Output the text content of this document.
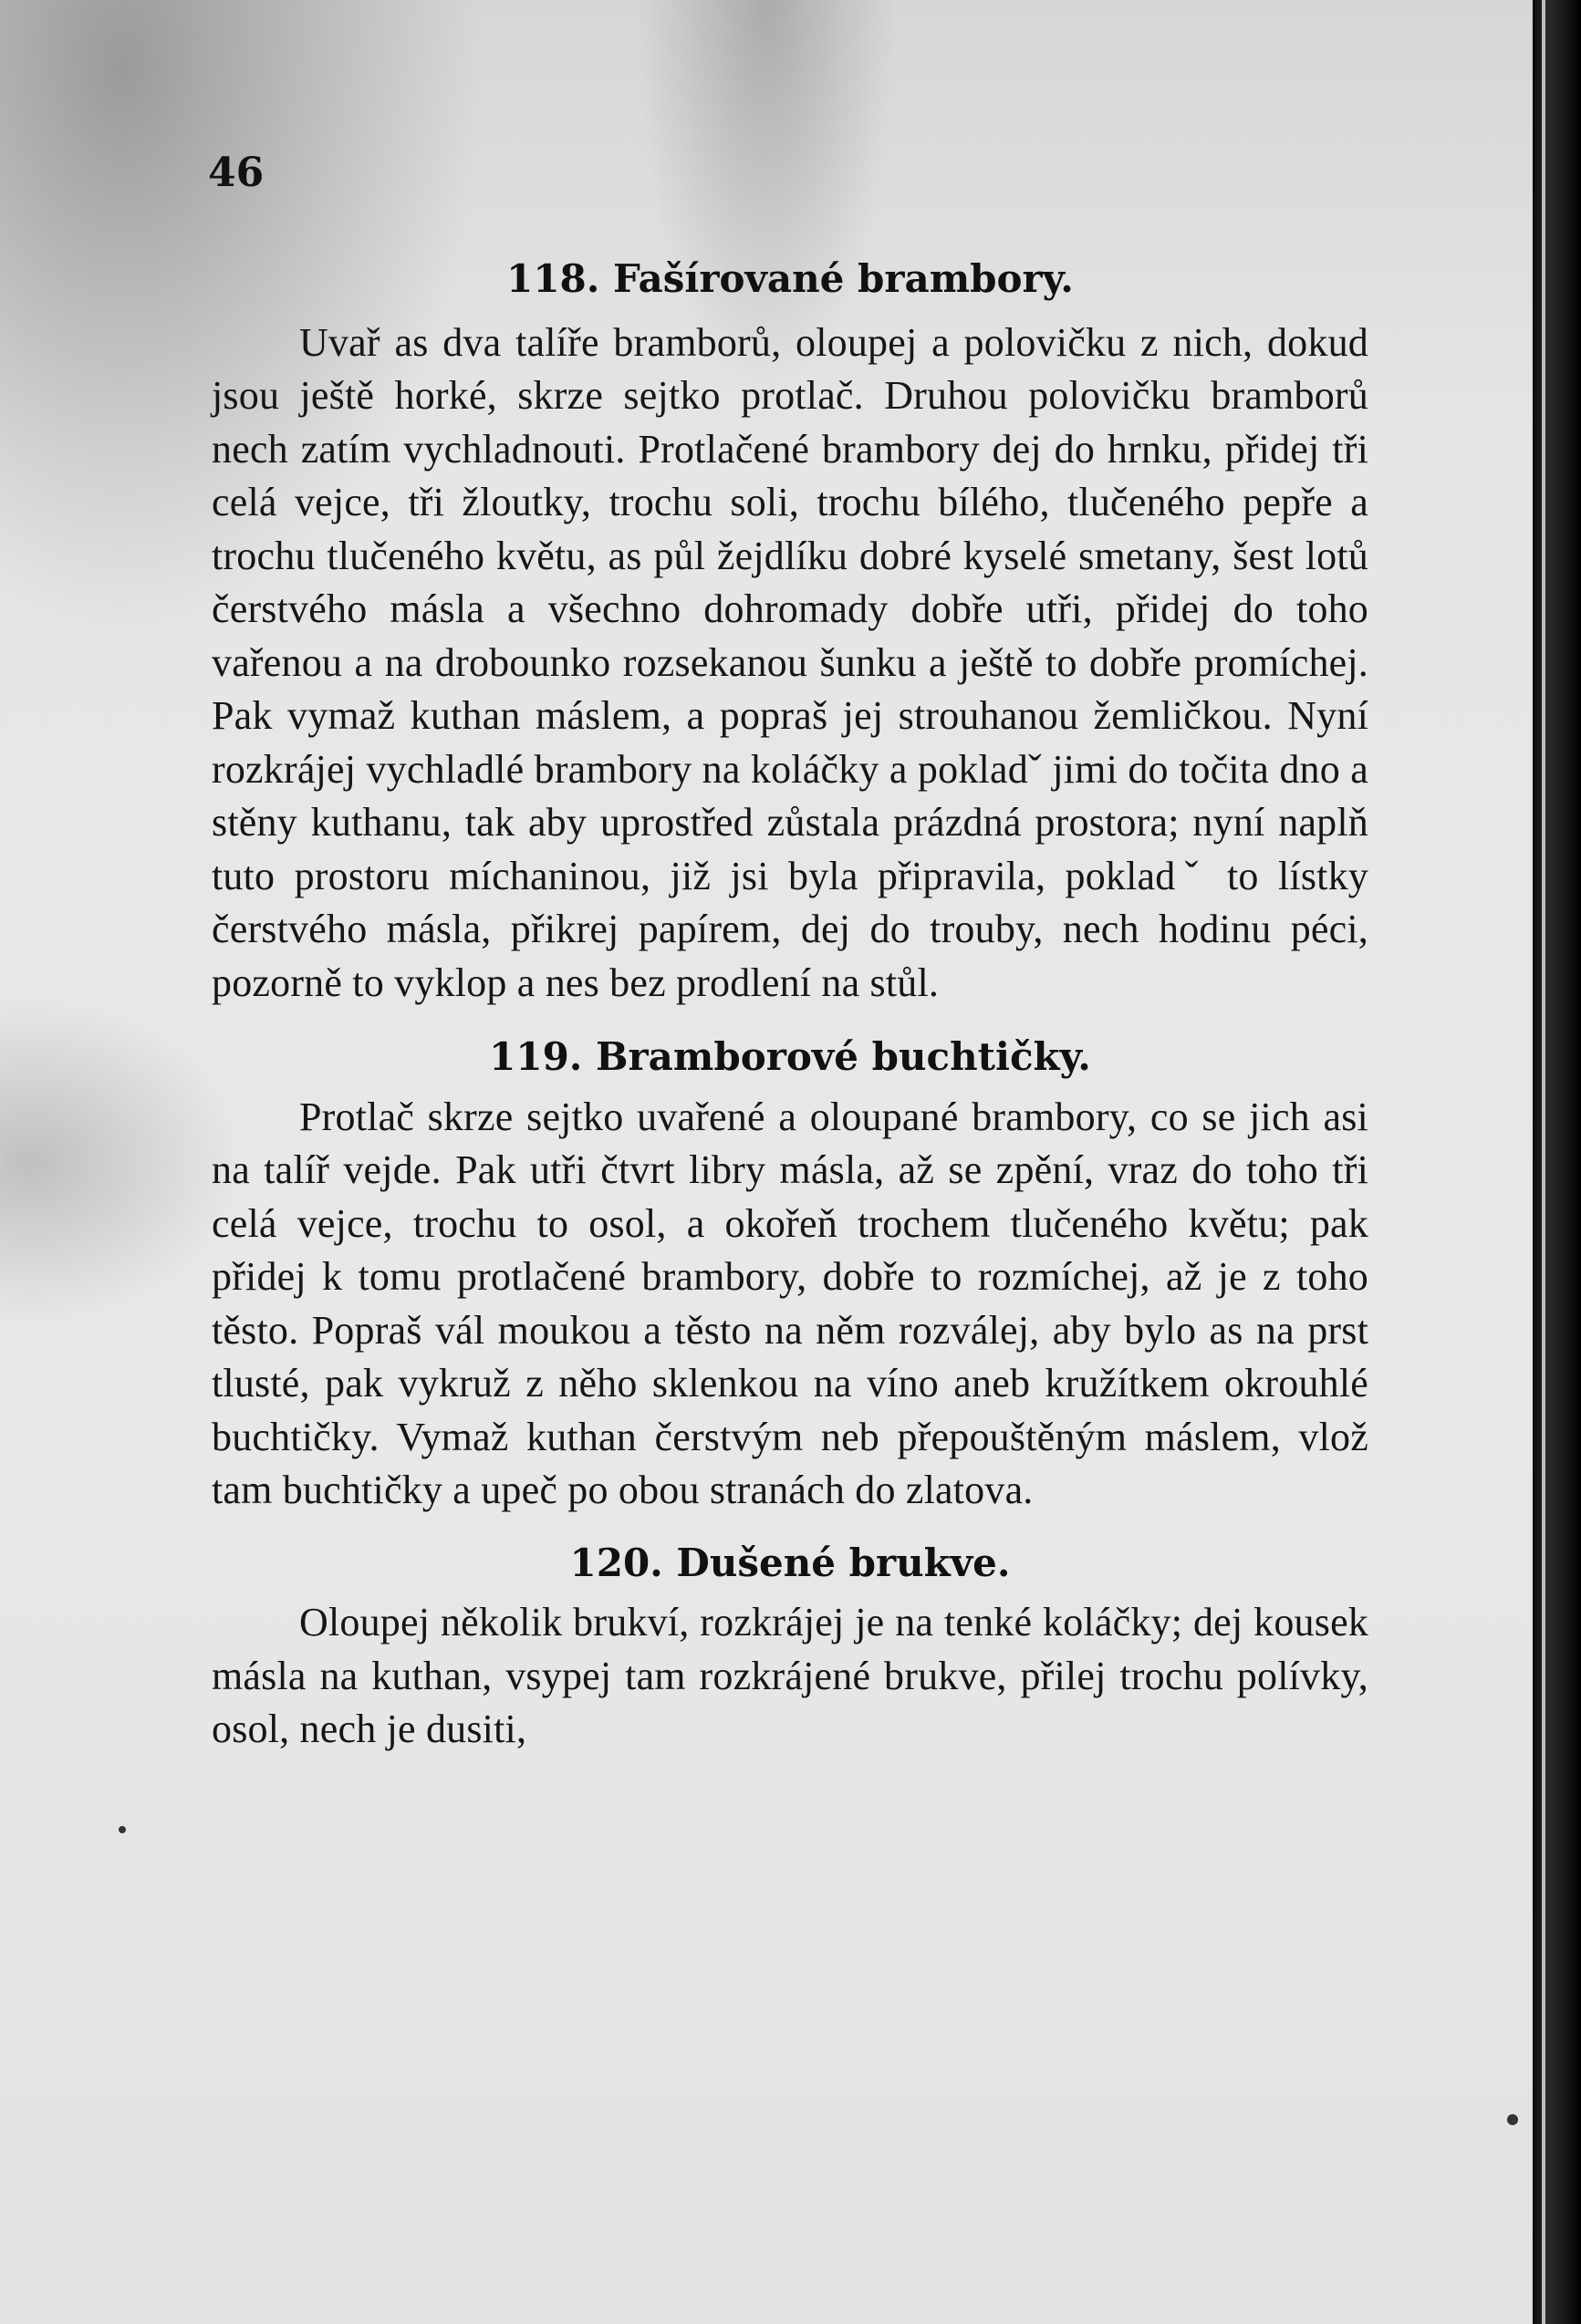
46
118. Fašírované brambory.

Uvař as dva talíře bramborů, oloupej a polovičku z nich, dokud jsou ještě horké, skrze sejtko protlač. Druhou polovičku bramborů nech zatím vychladnouti. Protlačené brambory dej do hrnku, přidej tři celá vejce, tři žloutky, trochu soli, trochu bílého, tlučeného pepře a trochu tlučeného květu, as půl žejdlíku dobré kyselé smetany, šest lotů čerstvého másla a všechno dohromady dobře utři, přidej do toho vařenou a na drobounko rozsekanou šunku a ještě to dobře promíchej. Pak vymaž kuthan máslem, a popraš jej strouhanou žemličkou. Nyní rozkrájej vychladlé brambory na koláčky a pokladˇ jimi do točita dno a stěny kuthanu, tak aby uprostřed zůstala prázdná prostora; nyní naplň tuto prostoru míchaninou, již jsi byla připravila, pokladˇ to lístky čerstvého másla, přikrej papírem, dej do trouby, nech hodinu péci, pozorně to vyklop a nes bez prodlení na stůl.

119. Bramborové buchtičky.

Protlač skrze sejtko uvařené a oloupané brambory, co se jich asi na talíř vejde. Pak utři čtvrt libry másla, až se zpění, vraz do toho tři celá vejce, trochu to osol, a okořeň trochem tlučeného květu; pak přidej k tomu protlačené brambory, dobře to rozmíchej, až je z toho těsto. Popraš vál moukou a těsto na něm rozválej, aby bylo as na prst tlusté, pak vykruž z něho sklenkou na víno aneb kružítkem okrouhlé buchtičky. Vymaž kuthan čerstvým neb přepouštěným máslem, vlož tam buchtičky a upeč po obou stranách do zlatova.

120. Dušené brukve.

Oloupej několik brukví, rozkrájej je na tenké koláčky; dej kousek másla na kuthan, vsypej tam rozkrájené brukve, přilej trochu polívky, osol, nech je dusiti,
